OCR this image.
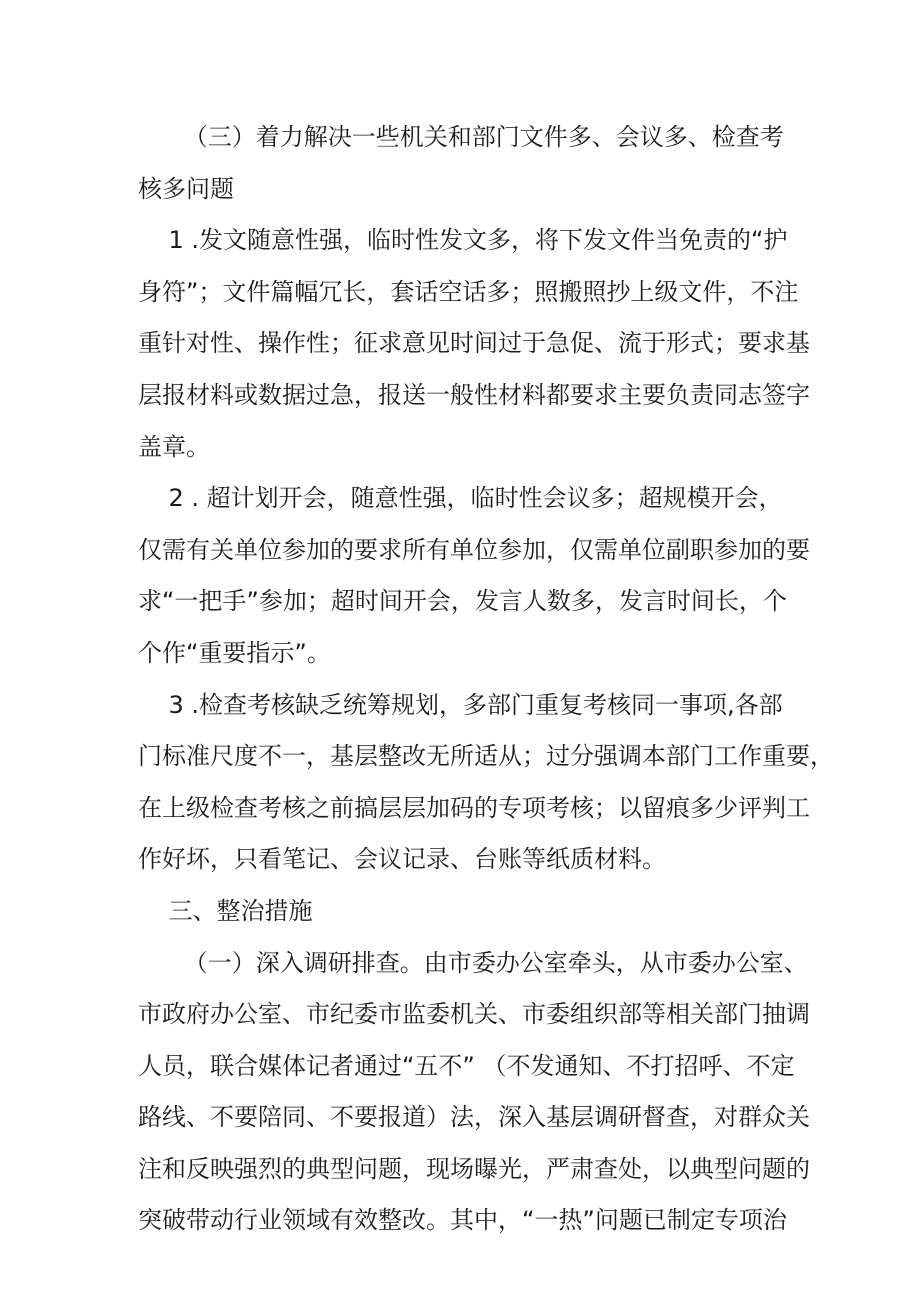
（三）着力解决一些机关和部门文件多、会议多、检查考
核多问题
1 .发文随意性强，临时性发文多，将下发文件当免责的“护
身符”；文件篇幅冗长，套话空话多；照搬照抄上级文件，不注
重针对性、操作性；征求意见时间过于急促、流于形式；要求基
层报材料或数据过急，报送一般性材料都要求主要负责同志签字
盖章。
2 . 超计划开会，随意性强，临时性会议多；超规模开会，
仅需有关单位参加的要求所有单位参加，仅需单位副职参加的要
求“一把手”参加；超时间开会，发言人数多，发言时间长，个
个作“重要指示”。
3 .检查考核缺乏统筹规划，多部门重复考核同一事项,各部
门标准尺度不一，基层整改无所适从；过分强调本部门工作重要，
在上级检查考核之前搞层层加码的专项考核；以留痕多少评判工
作好坏，只看笔记、会议记录、台账等纸质材料。
三、整治措施
（一）深入调研排查。由市委办公室牵头，从市委办公室、
市政府办公室、市纪委市监委机关、市委组织部等相关部门抽调
人员，联合媒体记者通过“五不” （不发通知、不打招呼、不定
路线、不要陪同、不要报道）法，深入基层调研督查，对群众关
注和反映强烈的典型问题，现场曝光，严肃查处，以典型问题的
突破带动行业领域有效整改。其中，“一热”问题已制定专项治
